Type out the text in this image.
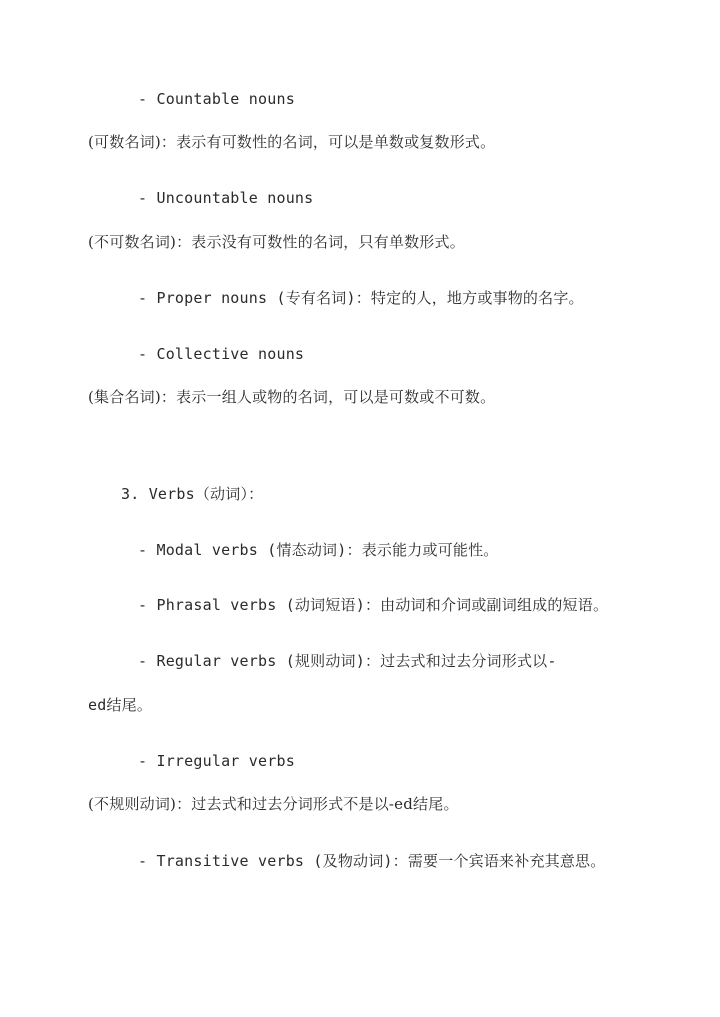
- Countable nouns
(可数名词)：表示有可数性的名词，可以是单数或复数形式。
- Uncountable nouns
(不可数名词)：表示没有可数性的名词，只有单数形式。
- Proper nouns (专有名词)：特定的人，地方或事物的名字。
- Collective nouns
(集合名词)：表示一组人或物的名词，可以是可数或不可数。
3. Verbs（动词）：
- Modal verbs (情态动词)：表示能力或可能性。
- Phrasal verbs (动词短语)：由动词和介词或副词组成的短语。
- Regular verbs (规则动词)：过去式和过去分词形式以-
ed结尾。
- Irregular verbs
(不规则动词)：过去式和过去分词形式不是以-ed结尾。
- Transitive verbs (及物动词)：需要一个宾语来补充其意思。
